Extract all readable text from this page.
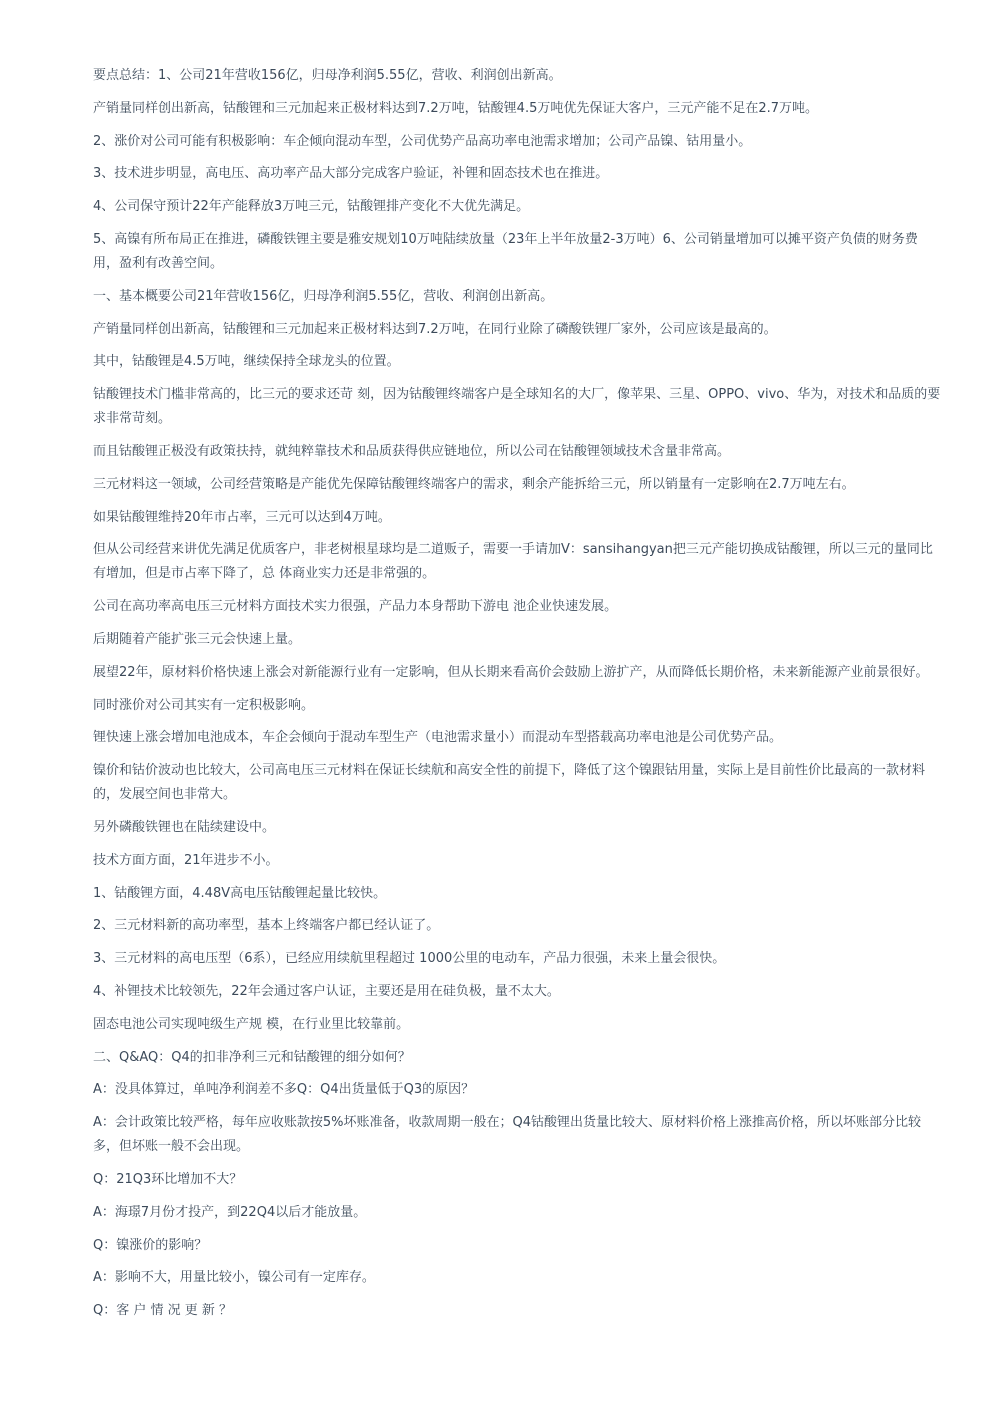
要点总结：1、公司21年营收156亿，归母净利润5.55亿，营收、利润创出新高。

产销量同样创出新高，钴酸锂和三元加起来正极材料达到7.2万吨，钴酸锂4.5万吨优先保证大客户，三元产能不足在2.7万吨。

2、涨价对公司可能有积极影响：车企倾向混动车型，公司优势产品高功率电池需求增加；公司产品镍、钴用量小。

3、技术进步明显，高电压、高功率产品大部分完成客户验证，补锂和固态技术也在推进。

4、公司保守预计22年产能释放3万吨三元，钴酸锂排产变化不大优先满足。

5、高镍有所布局正在推进，磷酸铁锂主要是雅安规划10万吨陆续放量（23年上半年放量2-3万吨）6、公司销量增加可以摊平资产负债的财务费用，盈利有改善空间。

一、基本概要公司21年营收156亿，归母净利润5.55亿，营收、利润创出新高。

产销量同样创出新高，钴酸锂和三元加起来正极材料达到7.2万吨，在同行业除了磷酸铁锂厂家外，公司应该是最高的。

其中，钴酸锂是4.5万吨，继续保持全球龙头的位置。

钴酸锂技术门槛非常高的，比三元的要求还苛 刻，因为钴酸锂终端客户是全球知名的大厂，像苹果、三星、OPPO、vivo、华为，对技术和品质的要求非常苛刻。

而且钴酸锂正极没有政策扶持，就纯粹靠技术和品质获得供应链地位，所以公司在钴酸锂领域技术含量非常高。

三元材料这一领域，公司经营策略是产能优先保障钴酸锂终端客户的需求，剩余产能拆给三元，所以销量有一定影响在2.7万吨左右。

如果钴酸锂维持20年市占率，三元可以达到4万吨。

但从公司经营来讲优先满足优质客户，非老树根星球均是二道贩子，需要一手请加V：sansihangyan把三元产能切换成钴酸锂，所以三元的量同比有增加，但是市占率下降了，总 体商业实力还是非常强的。

公司在高功率高电压三元材料方面技术实力很强，产品力本身帮助下游电 池企业快速发展。

后期随着产能扩张三元会快速上量。

展望22年，原材料价格快速上涨会对新能源行业有一定影响，但从长期来看高价会鼓励上游扩产，从而降低长期价格，未来新能源产业前景很好。

同时涨价对公司其实有一定积极影响。

锂快速上涨会增加电池成本，车企会倾向于混动车型生产（电池需求量小）而混动车型搭载高功率电池是公司优势产品。

镍价和钴价波动也比较大，公司高电压三元材料在保证长续航和高安全性的前提下，降低了这个镍跟钴用量，实际上是目前性价比最高的一款材料的，发展空间也非常大。

另外磷酸铁锂也在陆续建设中。

技术方面方面，21年进步不小。

1、钴酸锂方面，4.48V高电压钴酸锂起量比较快。

2、三元材料新的高功率型，基本上终端客户都已经认证了。

3、三元材料的高电压型（6系），已经应用续航里程超过 1000公里的电动车，产品力很强，未来上量会很快。

4、补锂技术比较领先，22年会通过客户认证，主要还是用在硅负极，量不太大。

固态电池公司实现吨级生产规 模，在行业里比较靠前。

二、Q&AQ：Q4的扣非净利三元和钴酸锂的细分如何？

A：没具体算过，单吨净利润差不多Q：Q4出货量低于Q3的原因？

A：会计政策比较严格，每年应收账款按5%坏账准备，收款周期一般在；Q4钴酸锂出货量比较大、原材料价格上涨推高价格，所以坏账部分比较多，但坏账一般不会出现。

Q：21Q3环比增加不大？

A：海璟7月份才投产，到22Q4以后才能放量。

Q：镍涨价的影响？

A：影响不大，用量比较小，镍公司有一定库存。

Q：客 户 情 况 更 新 ？
